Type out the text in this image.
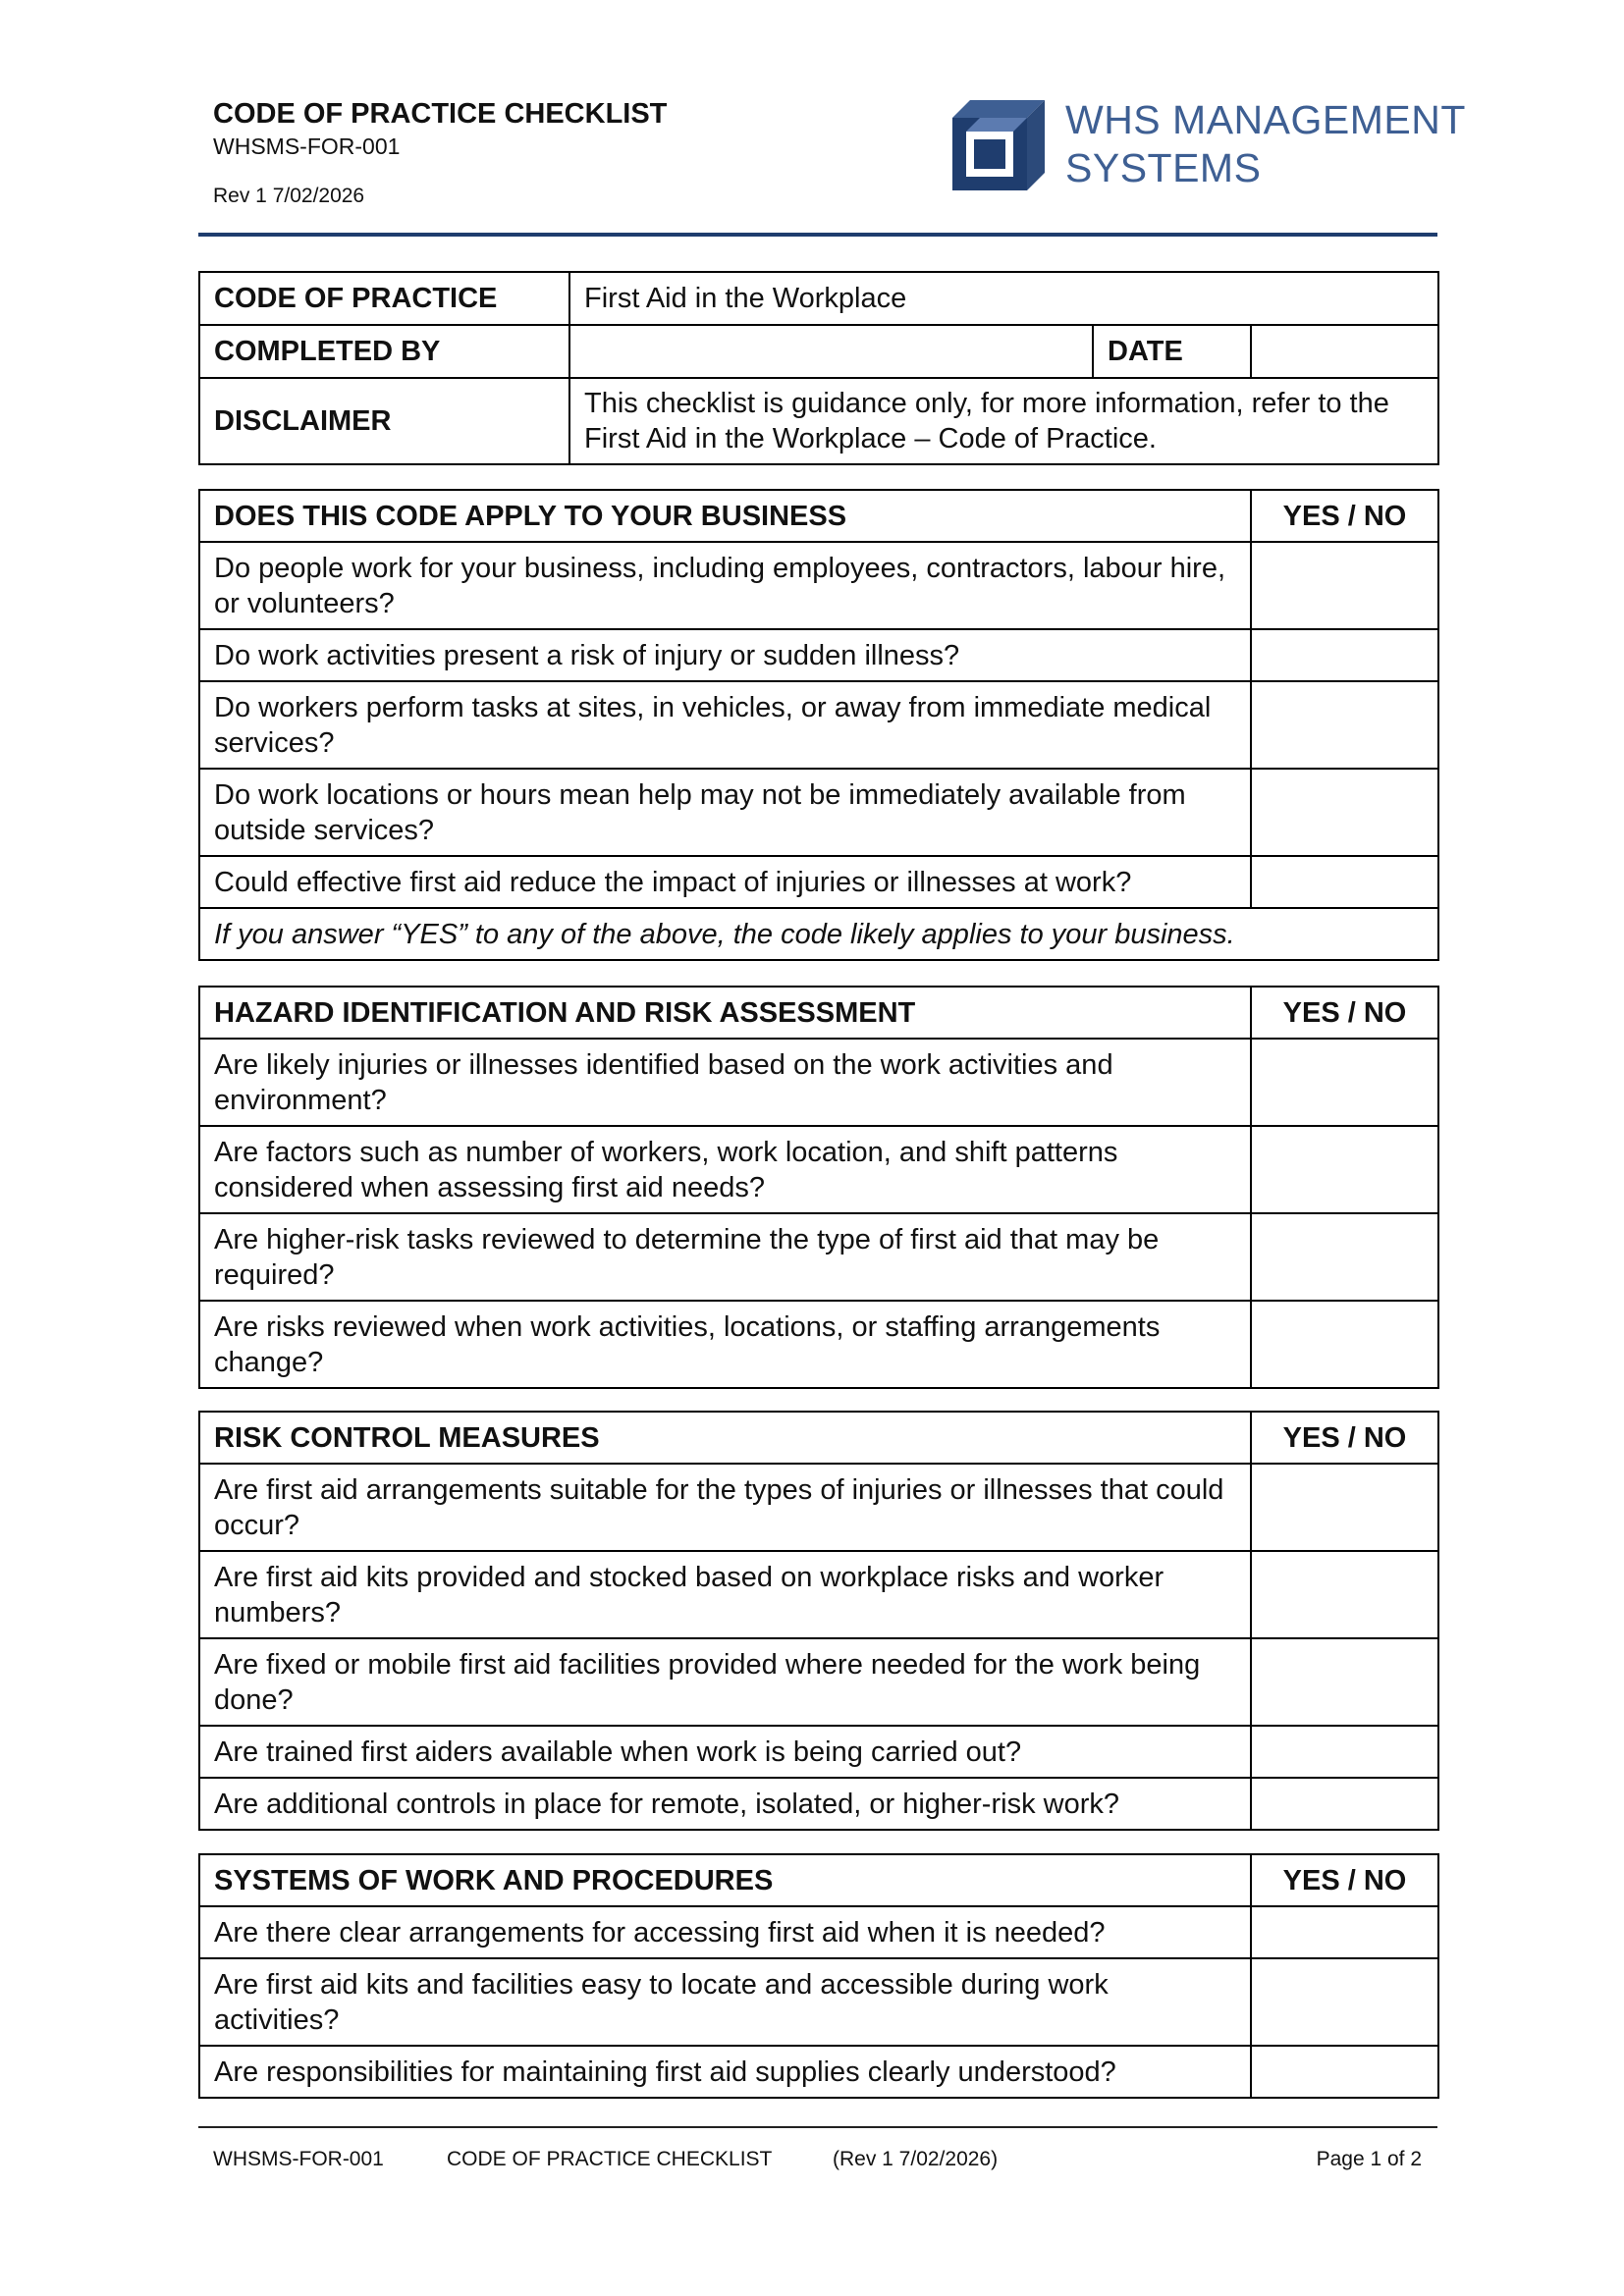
CODE OF PRACTICE CHECKLIST
WHSMS-FOR-001
Rev 1 7/02/2026
WHS MANAGEMENT
SYSTEMS
CODE OF PRACTICE	First Aid in the Workplace		
COMPLETED BY		DATE	
DISCLAIMER	This checklist is guidance only, for more information, refer to the First Aid in the Workplace – Code of Practice.		
DOES THIS CODE APPLY TO YOUR BUSINESS	YES / NO
Do people work for your business, including employees, contractors, labour hire, or volunteers?	
Do work activities present a risk of injury or sudden illness?	
Do workers perform tasks at sites, in vehicles, or away from immediate medical services?	
Do work locations or hours mean help may not be immediately available from outside services?	
Could effective first aid reduce the impact of injuries or illnesses at work?	
If you answer “YES” to any of the above, the code likely applies to your business.	
HAZARD IDENTIFICATION AND RISK ASSESSMENT	YES / NO
Are likely injuries or illnesses identified based on the work activities and environment?	
Are factors such as number of workers, work location, and shift patterns considered when assessing first aid needs?	
Are higher-risk tasks reviewed to determine the type of first aid that may be required?	
Are risks reviewed when work activities, locations, or staffing arrangements change?	
RISK CONTROL MEASURES	YES / NO
Are first aid arrangements suitable for the types of injuries or illnesses that could occur?	
Are first aid kits provided and stocked based on workplace risks and worker numbers?	
Are fixed or mobile first aid facilities provided where needed for the work being done?	
Are trained first aiders available when work is being carried out?	
Are additional controls in place for remote, isolated, or higher-risk work?	
SYSTEMS OF WORK AND PROCEDURES	YES / NO
Are there clear arrangements for accessing first aid when it is needed?	
Are first aid kits and facilities easy to locate and accessible during work activities?	
Are responsibilities for maintaining first aid supplies clearly understood?	
WHSMS-FOR-001	CODE OF PRACTICE CHECKLIST	(Rev 1 7/02/2026)	Page 1 of 2
